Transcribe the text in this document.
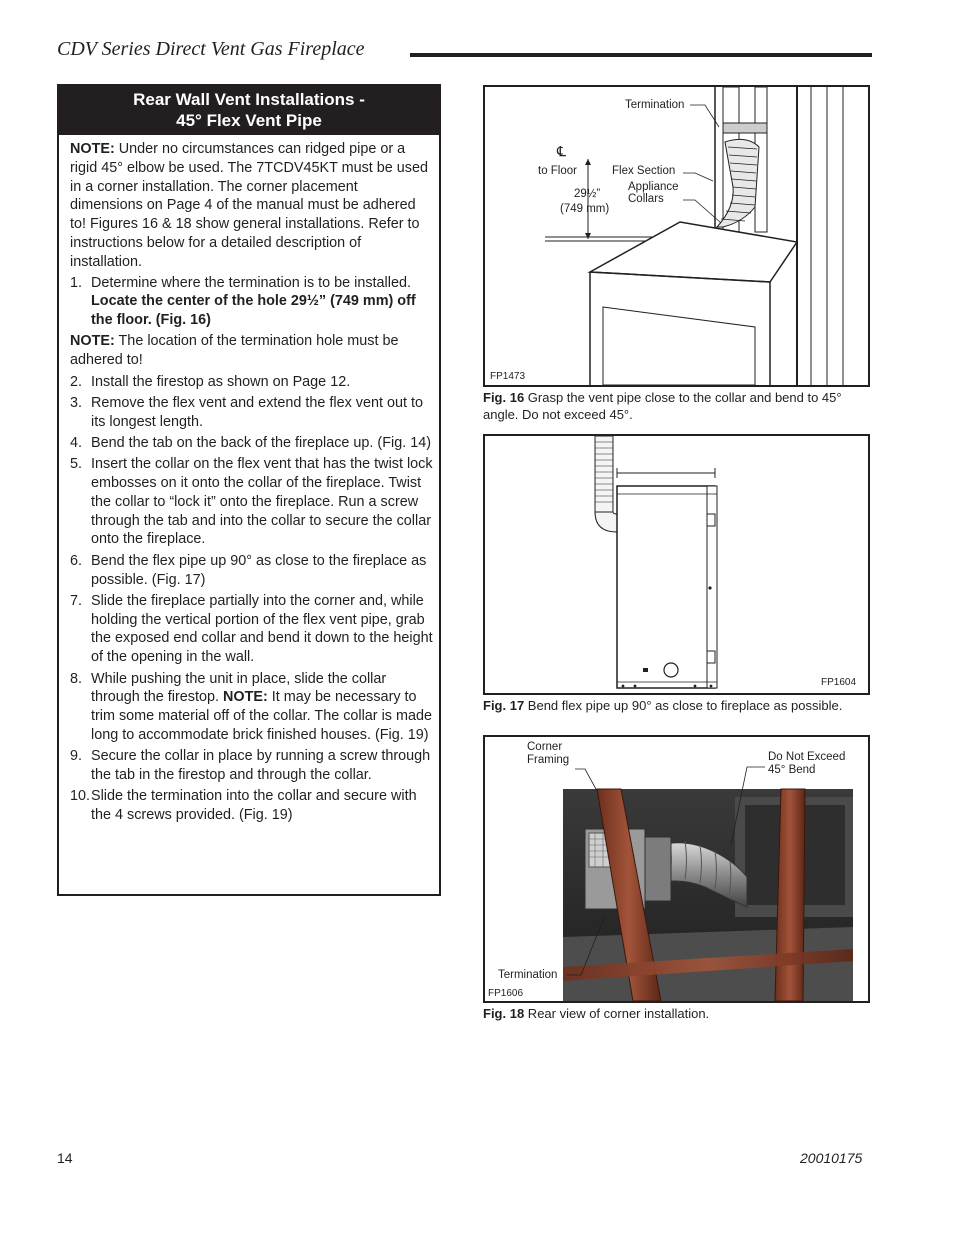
CDV Series Direct Vent Gas Fireplace
Rear Wall Vent Installations -
45° Flex Vent Pipe

NOTE: Under no circumstances can ridged pipe or a rigid 45° elbow be used. The 7TCDV45KT must be used in a corner installation. The corner placement dimensions on Page 4 of the manual must be adhered to! Figures 16 & 18 show general installations. Refer to instructions below for a detailed description of installation.

1. Determine where the termination is to be installed. Locate the center of the hole 29½” (749 mm) off the floor. (Fig. 16)
NOTE: The location of the termination hole must be adhered to!
2. Install the firestop as shown on Page 12.
3. Remove the flex vent and extend the flex vent out to its longest length.
4. Bend the tab on the back of the fireplace up. (Fig. 14)
5. Insert the collar on the flex vent that has the twist lock embosses on it onto the collar of the fireplace. Twist the collar to “lock it” onto the fireplace. Run a screw through the tab and into the collar to secure the collar onto the fireplace.
6. Bend the flex pipe up 90° as close to the fireplace as possible. (Fig. 17)
7. Slide the fireplace partially into the corner and, while holding the vertical portion of the flex vent pipe, grab the exposed end collar and bend it down to the height of the opening in the wall.
8. While pushing the unit in place, slide the collar through the firestop. NOTE: It may be necessary to trim some material off of the collar. The collar is made long to accommodate brick finished houses. (Fig. 19)
9. Secure the collar in place by running a screw through the tab in the firestop and through the collar.
10. Slide the termination into the collar and secure with the 4 screws provided. (Fig. 19)
Termination
℄
to Floor	Flex Section
Appliance
Collars
29½”
(749 mm)
FP1473
Fig. 16 Grasp the vent pipe close to the collar and bend to 45° angle. Do not exceed 45°.
FP1604
Fig. 17 Bend flex pipe up 90° as close to fireplace as possible.
Corner
Framing	Do Not Exceed
45° Bend
Termination
FP1606
Fig. 18 Rear view of corner installation.
14	20010175
